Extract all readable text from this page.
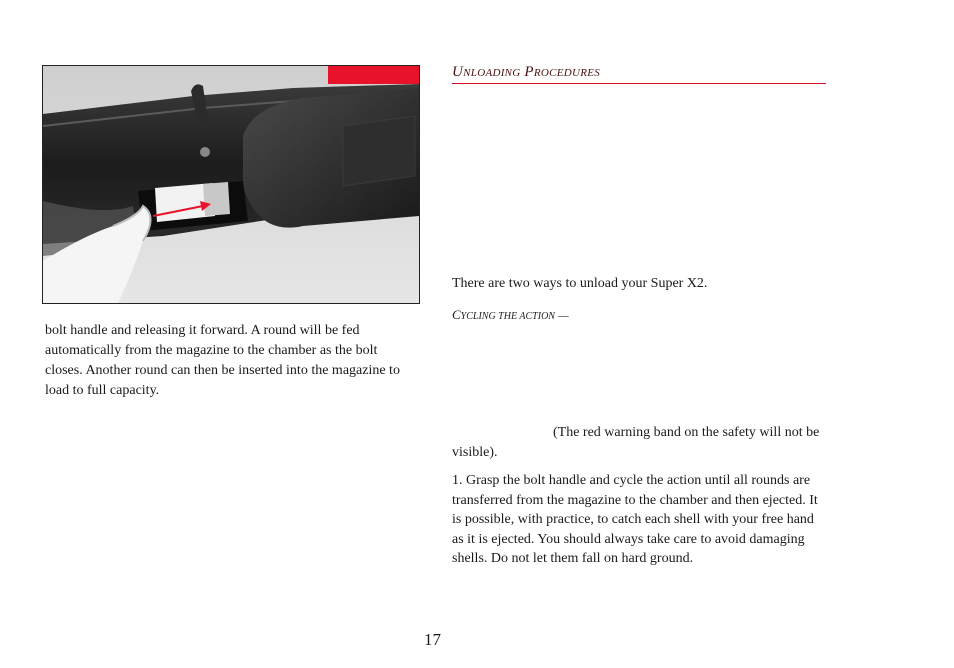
bolt handle and releasing it forward. A round will be fed automatically from the magazine to the chamber as the bolt closes. Another round can then be inserted into the magazine to load to full capacity.

UNLOADING PROCEDURES

There are two ways to unload your Super X2.

CYCLING THE ACTION —

(The red warning band on the safety will not be visible).

1. Grasp the bolt handle and cycle the action until all rounds are transferred from the magazine to the chamber and then ejected. It is possible, with practice, to catch each shell with your free hand as it is ejected. You should always take care to avoid damaging shells. Do not let them fall on hard ground.

17
